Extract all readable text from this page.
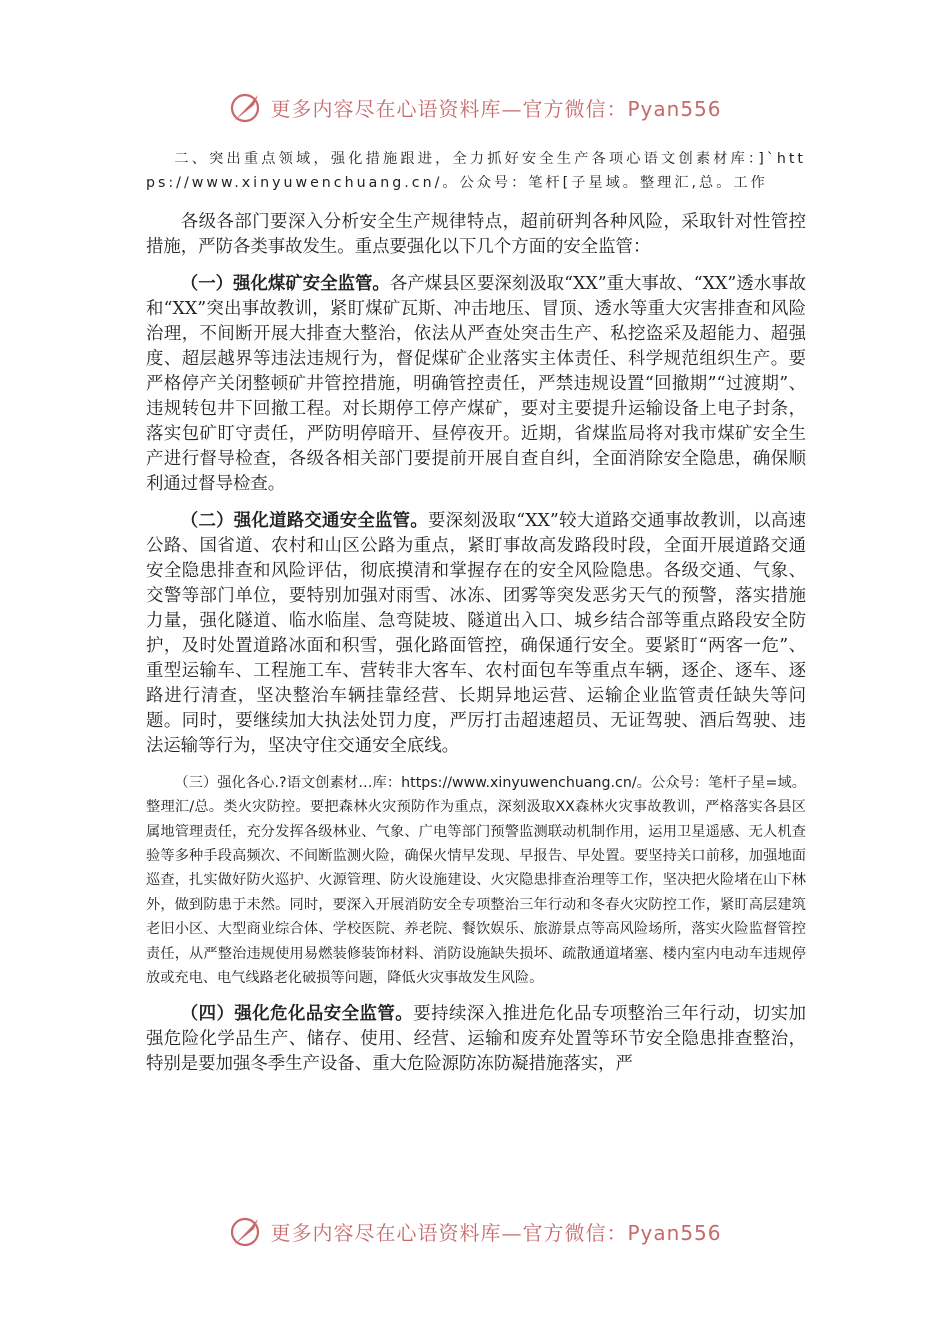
更多内容尽在心语资料库—官方微信：Pyan556

二、突出重点领域，强化措施跟进，全力抓好安全生产各项心语文创素材库：]`https://www.xinyuwenchuang.cn/。公众号：笔杆[子星域。整理汇,总。工作

各级各部门要深入分析安全生产规律特点，超前研判各种风险，采取针对性管控措施，严防各类事故发生。重点要强化以下几个方面的安全监管：

（一）强化煤矿安全监管。各产煤县区要深刻汲取“XX”重大事故、“XX”透水事故和“XX”突出事故教训，紧盯煤矿瓦斯、冲击地压、冒顶、透水等重大灾害排查和风险治理，不间断开展大排查大整治，依法从严查处突击生产、私挖盗采及超能力、超强度、超层越界等违法违规行为，督促煤矿企业落实主体责任、科学规范组织生产。要严格停产关闭整顿矿井管控措施，明确管控责任，严禁违规设置“回撤期”“过渡期”、违规转包井下回撤工程。对长期停工停产煤矿，要对主要提升运输设备上电子封条，落实包矿盯守责任，严防明停暗开、昼停夜开。近期，省煤监局将对我市煤矿安全生产进行督导检查，各级各相关部门要提前开展自查自纠，全面消除安全隐患，确保顺利通过督导检查。

（二）强化道路交通安全监管。要深刻汲取“XX”较大道路交通事故教训，以高速公路、国省道、农村和山区公路为重点，紧盯事故高发路段时段，全面开展道路交通安全隐患排查和风险评估，彻底摸清和掌握存在的安全风险隐患。各级交通、气象、交警等部门单位，要特别加强对雨雪、冰冻、团雾等突发恶劣天气的预警，落实措施力量，强化隧道、临水临崖、急弯陡坡、隧道出入口、城乡结合部等重点路段安全防护，及时处置道路冰面和积雪，强化路面管控，确保通行安全。要紧盯“两客一危”、重型运输车、工程施工车、营转非大客车、农村面包车等重点车辆，逐企、逐车、逐路进行清查，坚决整治车辆挂靠经营、长期异地运营、运输企业监管责任缺失等问题。同时，要继续加大执法处罚力度，严厉打击超速超员、无证驾驶、酒后驾驶、违法运输等行为，坚决守住交通安全底线。

（三）强化各心.?语文创素材…库：https://www.xinyuwenchuang.cn/。公众号：笔杆子星=域。整理汇/总。类火灾防控。要把森林火灾预防作为重点，深刻汲取XX森林火灾事故教训，严格落实各县区属地管理责任，充分发挥各级林业、气象、广电等部门预警监测联动机制作用，运用卫星遥感、无人机查验等多种手段高频次、不间断监测火险，确保火情早发现、早报告、早处置。要坚持关口前移，加强地面巡查，扎实做好防火巡护、火源管理、防火设施建设、火灾隐患排查治理等工作，坚决把火险堵在山下林外，做到防患于未然。同时，要深入开展消防安全专项整治三年行动和冬春火灾防控工作，紧盯高层建筑老旧小区、大型商业综合体、学校医院、养老院、餐饮娱乐、旅游景点等高风险场所，落实火险监督管控责任，从严整治违规使用易燃装修装饰材料、消防设施缺失损坏、疏散通道堵塞、楼内室内电动车违规停放或充电、电气线路老化破损等问题，降低火灾事故发生风险。

（四）强化危化品安全监管。要持续深入推进危化品专项整治三年行动，切实加强危险化学品生产、储存、使用、经营、运输和废弃处置等环节安全隐患排查整治，特别是要加强冬季生产设备、重大危险源防冻防凝措施落实，严

更多内容尽在心语资料库—官方微信：Pyan556
